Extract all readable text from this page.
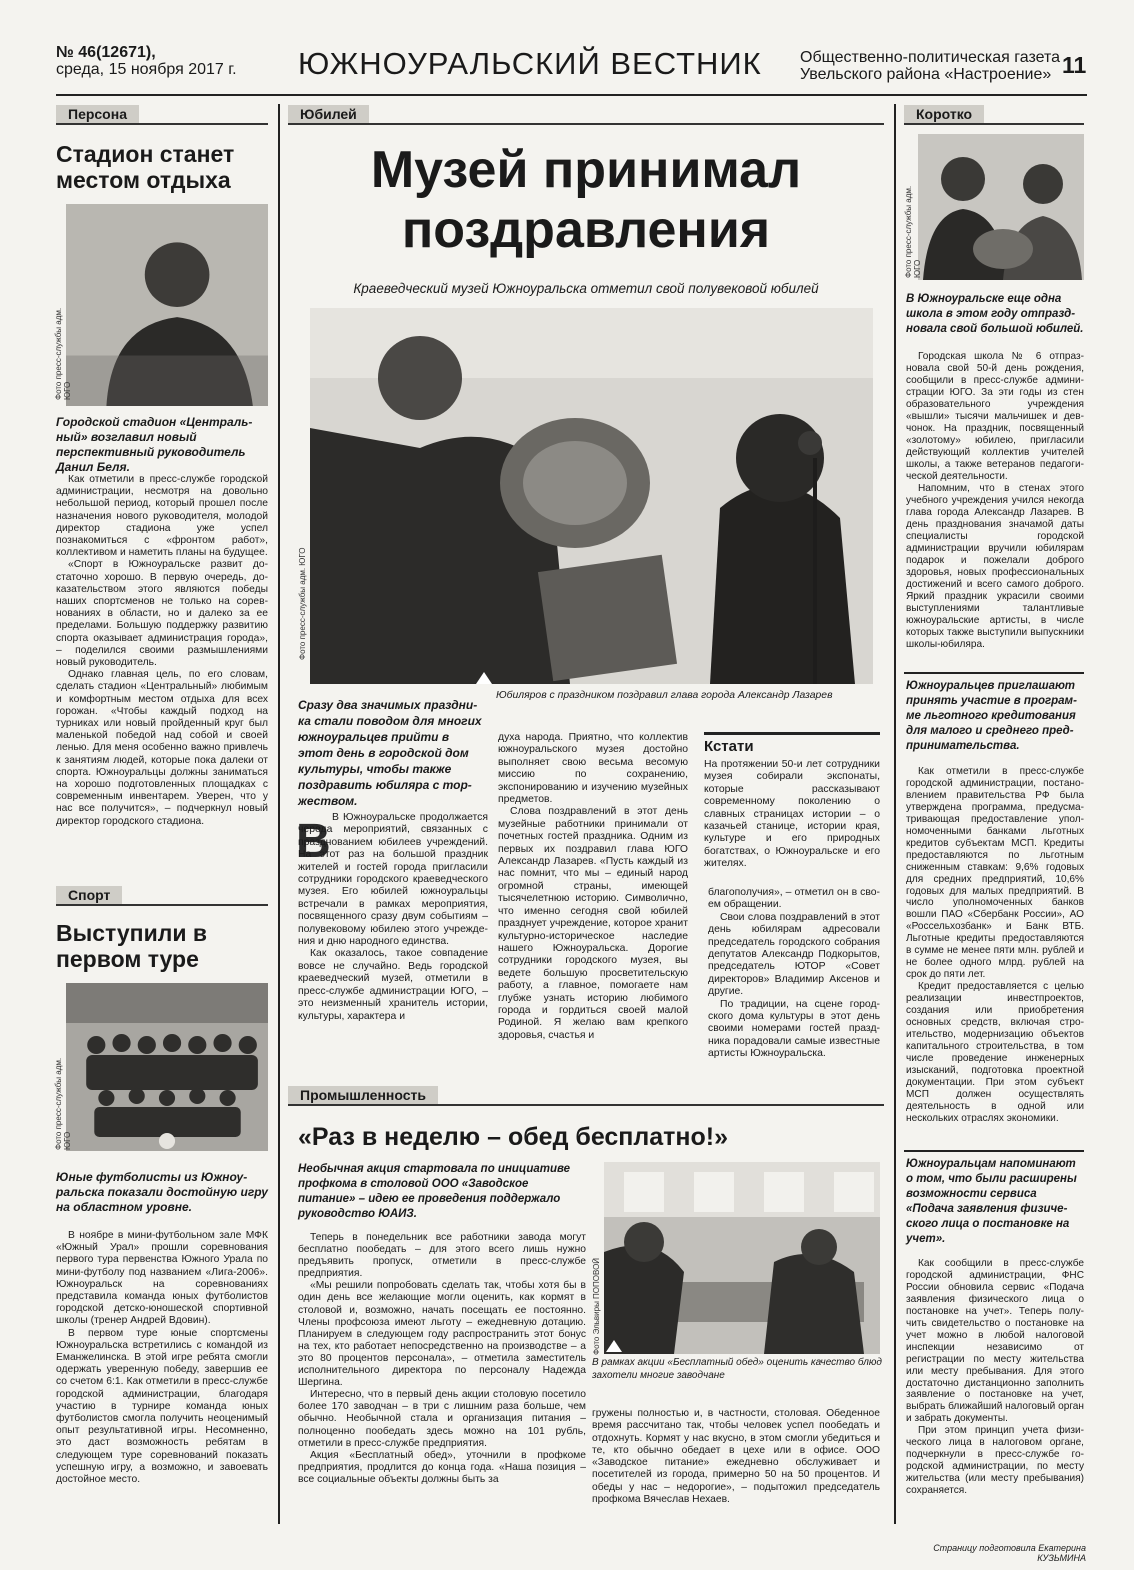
№ 46(12671),
среда, 15 ноября 2017 г. ЮЖНОУРАЛЬСКИЙ ВЕСТНИК Общественно-политическая газета
Увельского района «Настроение» 11
Персона
Стадион станет местом отдыха
Фото пресс-службы адм. ЮГО
Городской стадион «Центральный» возглавил новый перспективный руководитель Данил Беля.

Как отметили в пресс-службе городской администрации, несмотря на довольно небольшой период, который прошел после назначения нового руководителя, молодой директор стадиона уже успел познакомиться с «фронтом работ», коллективом и наметить планы на будущее.

«Спорт в Южноуральске развит достаточно хорошо. В первую очередь, доказательством этого являются победы наших спортсменов не только на соревнованиях в области, но и далеко за ее пределами. Большую поддержку развитию спорта оказывает администрация города», – поделился своими размышлениями новый руководитель.

Однако главная цель, по его словам, сделать стадион «Центральный» любимым и комфортным местом отдыха для всех горожан. «Чтобы каждый подход на турниках или новый пройденный круг был маленькой победой над собой и своей ленью. Для меня особенно важно привлечь к занятиям людей, которые пока далеки от спорта. Южноуральцы должны заниматься на хорошо подготовленных площадках с современным инвентарем. Уверен, что у нас все получится», – подчеркнул новый директор городского стадиона.

Спорт
Выступили в первом туре
Фото пресс-службы адм. ЮГО
Юные футболисты из Южноуральска показали достойную игру на областном уровне.

В ноябре в мини-футбольном зале МФК «Южный Урал» прошли соревнования первого тура первенства Южного Урала по мини-футболу под названием «Лига-2006». Южноуральск на соревнованиях представила команда юных футболистов городской детско-юношеской спортивной школы (тренер Андрей Вдовин).

В первом туре юные спортсмены Южноуральска встретились с командой из Еманжелинска. В этой игре ребята смогли одержать уверенную победу, завершив ее со счетом 6:1. Как отметили в пресс-службе городской администрации, благодаря участию в турнире команда юных футболистов смогла получить неоценимый опыт результативной игры. Несомненно, это даст возможность ребятам в следующем туре соревнований показать успешную игру, а возможно, и завоевать достойное место.

Юбилей
Музей принимал
поздравления
Краеведческий музей Южноуральска отметил свой полувековой юбилей
Фото пресс-службы адм. ЮГО
Юбиляров с праздником поздравил глава города Александр Лазарев
Сразу два значимых праздника стали поводом для многих южноуральцев прийти в этот день в городской дом культуры, чтобы также поздравить юбиляра с торжеством.
В В Южноуральске продолжается череда мероприятий, связанных с празднованием юбилеев учреждений. На этот раз на большой праздник жителей и гостей города пригласили сотрудники городского краеведческого музея. Его юбилей южноуральцы встречали в рамках мероприятия, посвященного сразу двум событиям – полувековому юбилею этого учреждения и дню народного единства.

Как оказалось, такое совпадение вовсе не случайно. Ведь городской краеведческий музей, отметили в пресс-службе администрации ЮГО, – это неизменный хранитель истории, культуры, характера и

духа народа. Приятно, что коллектив южноуральского музея достойно выполняет свою весьма весомую миссию по сохранению, экспонированию и изучению музейных предметов.

Слова поздравлений в этот день музейные работники принимали от почетных гостей праздника. Одним из первых их поздравил глава ЮГО Александр Лазарев. «Пусть каждый из нас помнит, что мы – единый народ огромной страны, имеющей тысячелетнюю историю. Символично, что именно сегодня свой юбилей празднует учреждение, которое хранит культурно-историческое наследие нашего Южноуральска. Дорогие сотрудники городского музея, вы ведете большую просветительскую работу, а главное, помогаете нам глубже узнать историю любимого города и гордиться своей малой Родиной. Я желаю вам крепкого здоровья, счастья и

Кстати
На протяжении 50-и лет сотрудники музея собирали экспонаты, которые рассказывают современному поколению о славных страницах истории – о казачьей станице, истории края, культуре и его природных богатствах, о Южноуральске и его жителях.

благополучия», – отметил он в своем обращении.

Свои слова поздравлений в этот день юбилярам адресовали председатель городского собрания депутатов Александр Подкорытов, председатель ЮТОР «Совет директоров» Владимир Аксенов и другие.

По традиции, на сцене городского дома культуры в этот день своими номерами гостей праздника порадовали самые известные артисты Южноуральска.

Промышленность
«Раз в неделю – обед бесплатно!»
Необычная акция стартовала по инициативе профкома в столовой ООО «Заводское питание» – идею ее проведения поддержало руководство ЮАИЗ.
Фото Эльвиры ПОПОВОЙ
В рамках акции «Бесплатный обед» оценить качество блюд захотели многие заводчане

Теперь в понедельник все работники завода могут бесплатно пообедать – для этого всего лишь нужно предъявить пропуск, отметили в пресс-службе предприятия.

«Мы решили попробовать сделать так, чтобы хотя бы в один день все желающие могли оценить, как кормят в столовой и, возможно, начать посещать ее постоянно. Члены профсоюза имеют льготу – ежедневную дотацию. Планируем в следующем году распространить этот бонус на тех, кто работает непосредственно на производстве – а это 80 процентов персонала», – отметила заместитель исполнительного директора по персоналу Надежда Шергина.

Интересно, что в первый день акции столовую посетило более 170 заводчан – в три с лишним раза больше, чем обычно. Необычной стала и организация питания – полноценно пообедать здесь можно на 101 рубль, отметили в пресс-службе предприятия.

Акция «Бесплатный обед», уточнили в профкоме предприятия, продлится до конца года. «Наша позиция – все социальные объекты должны быть за

гружены полностью и, в частности, столовая. Обеденное время рассчитано так, чтобы человек успел пообедать и отдохнуть. Кормят у нас вкусно, в этом смогли убедиться и те, кто обычно обедает в цехе или в офисе. ООО «Заводское питание» ежедневно обслуживает и посетителей из города, примерно 50 на 50 процентов. И обеды у нас – недорогие», – подытожил председатель профкома Вячеслав Нехаев.

Коротко
Фото пресс-службы адм. ЮГО
В Южноуральске еще одна школа в этом году отпраздновала свой большой юбилей.

Городская школа № 6 отпразновала свой 50-й день рождения, сообщили в пресс-службе администрации ЮГО. За эти годы из стен образовательного учреждения «вышли» тысячи мальчишек и девчонок. На праздник, посвященный «золотому» юбилею, пригласили действующий коллектив учителей школы, а также ветеранов педагогической деятельности.

Напомним, что в стенах этого учебного учреждения учился некогда глава города Александр Лазарев. В день празднования значамой даты специалисты городской администрации вручили юбилярам подарок и пожелали доброго здоровья, новых профессиональных достижений и всего самого доброго. Яркий праздник украсили своими выступлениями талантливые южноуральские артисты, в числе которых также выступили выпускники школы-юбиляра.

Южноуральцев приглашают принять участие в программе льготного кредитования для малого и среднего предпринимательства.

Как отметили в пресс-службе городской администрации, постановлением правительства РФ была утверждена программа, предусматривающая предоставление уполномоченными банками льготных кредитов субъектам МСП. Кредиты предоставляются по льготным сниженным ставкам: 9,6% годовых для средних предприятий, 10,6% годовых для малых предприятий. В число уполномоченных банков вошли ПАО «Сбербанк России», АО «Россельхозбанк» и Банк ВТБ. Льготные кредиты предоставляются в сумме не менее пяти млн. рублей и не более одного млрд. рублей на срок до пяти лет.

Кредит предоставляется с целью реализации инвестпроектов, создания или приобретения основных средств, включая строительство, модернизацию объектов капитального строительства, в том числе проведение инженерных изысканий, подготовка проектной документации. При этом субъект МСП должен осуществлять деятельность в одной или нескольких отраслях экономики.

Южноуральцам напоминают о том, что были расширены возможности сервиса «Подача заявления физического лица о постановке на учет».

Как сообщили в пресс-службе городской администрации, ФНС России обновила сервис «Подача заявления физического лица о постановке на учет». Теперь получить свидетельство о постановке на учет можно в любой налоговой инспекции независимо от регистрации по месту жительства или месту пребывания. Для этого достаточно дистанционно заполнить заявление о постановке на учет, выбрать ближайший налоговый орган и забрать документы.

При этом принцип учета физического лица в налоговом органе, подчеркнули в пресс-службе городской администрации, по месту жительства (или месту пребывания) сохраняется.

Страницу подготовила Екатерина КУЗЬМИНА
